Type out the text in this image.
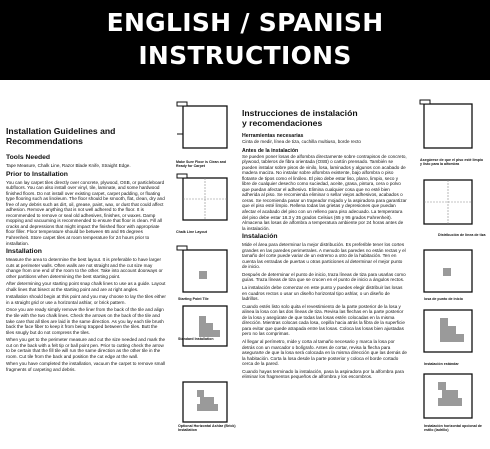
ENGLISH / SPANISH
INSTRUCTIONS
Installation Guidelines and Recommendations
Tools Needed

Tape Measure, Chalk Line, Razor Blade Knife, Straight Edge.

Prior to Installation

You can lay carpet tiles directly over concrete, plywood, OSB, or particleboard subfloors. You can also install over vinyl, tile, laminate, and some hardwood finished floors. Do not install over existing carpet, carpet padding, or floating type flooring such as linoleum. The floor should be smooth, flat, clean, dry and free of any debris such as dirt, oil, grease, paint, wax, or dust that could affect adhesion. Remove anything that is not well adhered to the floor. It is recommended to remove or seal old adhesives, finishes, or waxes. Damp mopping and vacuuming is recommended to ensure that floor is clean. Fill all cracks and depressions that might impact the finished floor with appropriate floor filler. Floor temperature should be between 65 and 95 degrees Fahrenheit. Store carpet tiles at room temperature for 24 hours prior to installation.

Installation

Measure the area to determine the best layout. It is preferable to have larger cuts at perimeter walls. Often walls are not straight and the cut size may change from one end of the room to the other. Take into account doorways or other partitions when determining the best starting point.

After determining your starting point snap chalk lines to use as a guide. Layout chalk lines that bisect at the starting point and are at right angles.

Installation should begin at this point and you may choose to lay the tiles either in a straight grid or use a horizontal ashlar, or brick pattern.

Once you are ready simply remove the liner from the back of the tile and align the tile with the two chalk lines. Check the arrows on the back of the tile and take care that all tiles are laid in the same direction. As you lay each tile brush back the face fiber to keep it from being trapped between the tiles. Butt the tiles snugly but do not compress the tiles.

When you get to the perimeter measure and cut the size needed and mark the cut on the back with a felt tip or ball point pen. Prior to cutting check the arrow to be certain that the fill tile will run the same direction as the other tile in the room. Cut tile from the back and position the cut edge at the wall.

When you have completed the installation, vacuum the carpet to remove small fragments of carpeting and debris.

Instrucciones de instalación
y recomendaciones
Herramientas necesarias

Cinta de medir, línea de tiza, cuchilla multiuso, borde recto

Antes de la instalación

Se pueden poner losas de alfombra directamente sobre contrapisos de concreto, plywood, tableros de fibra orientada (OSB) o cartón prensado. También se pueden instalar sobre pisos de vinilo, losa, laminados y algunos con acabado de madera maciza. No instalar sobre alfombra existente, bajo alfombra o piso flotante de tipos como el linóleo. El piso debe estar liso, plano, limpio, seco y libre de cualquier desecho como suciedad, aceite, grasa, pintura, cera o polvo que puedan afectar el adhesivo. Elimina cualquier cosa que no esté bien adherida al piso. Se recomienda eliminar o sellar viejos adhesivos, acabados o ceras. Se recomienda pasar un trapeador mojado y la aspiradora para garantizar que el piso esté limpio. Rellena todas las grietas y depresiones que puedan afectar el acabado del piso con un relleno para piso adecuado. La temperatura del piso debe estar 18.3 y 35 grados Celsius (65 y 95 grados Fahrenheit). Almacena las losas de alfombra a temperatura ambiente por 24 horas antes de la instalación.

Instalación

Mide el área para determinar la mejor distribución. Es preferible tener los cortes grandes en las paredes perimetrales. A menudo las paredes no están rectas y el tamaño del corte puede variar de un extremo a otro de la habitación. Ten en cuenta las entradas de puertas u otras particiones al determinar el mejor punto de inicio.

Después de determinar el punto de inicio, traza líneas de tiza para usarlas como guías. Traza líneas de tiza que se crucen en el punto de inicio a ángulos rectos.

La instalación debe comenzar en este punto y puedes elegir distribuir las losas en cuadros rectos o usar un diseño horizontal tipo ashlar, o un diseño de ladrillos.

Cuando estés listo solo quita el revestimiento de la parte posterior de la losa y alinea la losa con las dos líneas de tiza. Revisa las flechas en la parte posterior de la losa y asegúrate de que todas las losas estén colocadas en la misma dirección. Mientras colocas cada losa, cepilla hacia atrás la fibra de la superficie para evitar que quede atrapada entre las losas. Coloca las losas bien ajustadas pero no las comprimas.

Al llegar al perímetro, mide y corta al tamaño necesario y marca la losa por detrás con un marcador o bolígrafo. Antes de cortar, revisa la flecha para asegurarte de que la losa será colocada en la misma dirección que las demás de la habitación. Corta la losa desde la parte posterior y coloca el borde cortado cerca de la pared.

Cuando hayas terminado la instalación, pasa la aspiradora por la alfombra para eliminar los fragmentos pequeños de alfombra y los escombros.

Make Sure Floor is Clean and Ready for Carpet
Chalk Line Layout
Starting Point Tile
Standard Installation
Optional Horizontal Ashlar (Brick) Installation
Asegúrese de que el piso esté limpio y listo para la alfombra
Distribución de línea de tiza
losa de punto de inicio
Instalación estándar
Instalación horizontal opcional de estilo (ladrillo)
